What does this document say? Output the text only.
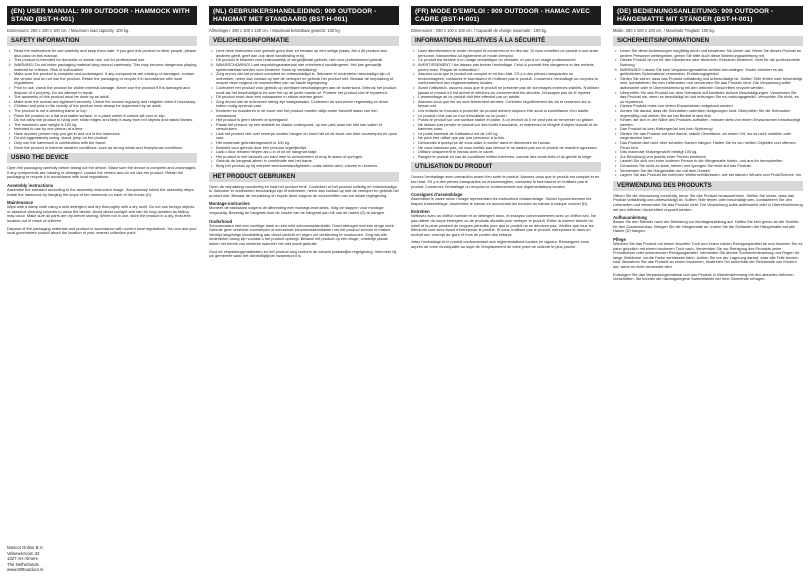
(EN) USER MANUAL: 909 OUTDOOR - HAMMOCK WITH STAND (BST-H-001)
Dimensions: 290 x 100 x 100 cm. / Maximum load capacity: 100 kg.
SAFETY INFORMATION
• Read the instructions for use carefully and keep them safe. If you give this product to other people, please also pass on this manual.
• This product is intended for domestic or similar use, not for professional use.
⚠ WARNING! Do not leave packaging material lying around carelessly. This may become dangerous playing material for children. Risk of suffocation!
• Make sure the product is complete and undamaged. If any components are missing or damaged, contact the vendor and do not use the product. Retain the packaging or recycle it in accordance with local regulations.
• Prior to use, check the product for visible external damage. Never use the product if it is damaged and dispose of it properly. Do not attempt to repair.
• The assembly of this product must be done by an adult.
• Make sure the screws are tightened securely. Check the screws regularly and retighten them if necessary.
• Children and pets in the vicinity of the product must always be supervised by an adult.
• The product is not a climbing frame or toy!
• Place the product on a flat and stable surface, in a place where it cannot fall over or slip.
• Do not allow the product to hang over sharp edges and keep it away from hot objects and naked flames.
• The maximum user weight is 100 kg.
• Intended to use by one person at a time.
• Have another person help you get in and out of the hammock.
• Do not aggressively swing, stand, jump on the product.
• Only use the hammock in combination with the frame.
• Store the product in extreme weather conditions, such as strong winds and frosty/snow conditions.
USING THE DEVICE

Open the packaging carefully before taking out the device. Make sure the device is complete and undamaged. If any components are missing or damaged, contact the vendor and do not use the product. Retain the packaging or recycle it in accordance with local regulations.

Assembly instructions

Assemble the standard according to the assembly instruction image. Scrupulously follow the assembly steps. Install the hammock by hanging the loops of the hammock on each of the hooks (D).

Maintenance

Wipe with a damp cloth using a mild detergent and dry thoroughly with a dry cloth. Do not use foreign objects or abrasive cleaning solvents to clean the device. Avoid direct sunlight and rain for long duration as fading may occur. Make sure all parts are dry before storing. When not in use, store the product in a dry, frost-free location out of reach of children.

Dispose of the packaging materials and product in accordance with current local regulations. You can ask your local government council about the location of your nearest collection point.

Mascot Online B.V.
Velsewezoom 32
1327 AH Almere
The Netherlands
www.909outdoor.nl
(NL) GEBRUIKERSHANDLEIDING: 909 OUTDOOR - HANGMAT MET STANDAARD (BST-H-001)
Afmetingen: 290 x 100 x 100 cm. / Maximaal belastbaar gewicht: 100 kg.
VEILIGHEIDSINFORMATIE
• Lees deze instructies vóór gebruik goed door en bewaar op een veilige plaats. Als u dit product aan anderen geeft, geef dan ook deze handleiding erbij.
• Dit product is bedoeld voor huishoudelijk of vergelijkbaar gebruik, niet voor professioneel gebruik.
⚠ WAARSCHUWING! Laat verpakkingsmateriaal niet onbeheerd rondslingeren. Het kan gevaarlijk speelmateriaal worden voor kinderen. Kans op verstikking!
• Zorg ervoor dat het product compleet en onbeschadigd is. Wanneer er onderdelen beschadigd zijn of ontbreken, neem dan contact op met de verkoper en gebruik het product niet. Bewaar de verpakking of recycle deze volgens de voorschriften van uw lokale regelgeving.
• Controleer het product vóór gebruik op zichtbare beschadigingen aan de buitenkant. Gebruik het product nooit als het beschadigd is en voer het op de juiste manier af. Probeer het product niet te repareren.
• Dit product moet door een volwassene in elkaar worden gezet.
• Zorg ervoor dat de schroeven stevig zijn vastgedraaid. Controleer de schroeven regelmatig en draai indien nodig opnieuw vast.
• Kinderen en huisdieren in de buurt van het product moeten altijd onder toezicht staan van een volwassene.
• Het product is geen klimrek of speelgoed!
• Plaats het product op een stabiele en vlakke ondergrond, op een plek waar het niet kan vallen of verschuiven.
• Laat het product niet over scherpe randen hangen en houd het uit de buurt van hete voorwerpen en open vuur.
• Het maximale gebruikersgewicht is 100 kg.
• Bedoeld voor gebruik door één persoon tegelijkertijd.
• Laat u door iemand helpen als u in of uit de hangmat stapt.
• Het product is niet bedoeld om hard mee te schommelen of erop te staan of springen.
• Gebruik de hangmat alleen in combinatie met het frame.
• Berg het product op bij extreme weersomstandigheden, zoals sterke wind, vriezen en sneeuw.
HET PRODUCT GEBRUIKEN

Open de verpakking voorzichtig en haal het product eruit. Controleer of het product volledig en onbeschadigd is. Wanneer er onderdelen beschadigd zijn of ontbreken, neem dan contact op met de verkoper en gebruik het product niet. Bewaar de verpakking of recycle deze volgens de voorschriften van uw lokale regelgeving.

Montage-instructies

Monteer de standaard volgens de afbeelding met montage-instructies. Volg de stappen voor montage zorgvuldig. Bevestig de hangmat door de lussen van de hangmat aan elk van de haken (D) te hangen.

Onderhoud

Schoonmaken met een vochtige doek en een mild schoonmaakmiddel. Goed afdrogen met een droge doek. Gebruik geen vreemde voorwerpen of schurende schoonmaakmiddelen om het product schoon te maken. Vermijd langdurige blootstelling aan direct zonlicht en regen om verkleuring te voorkomen. Zorg dat alle onderdelen droog zijn voordat u het product opbergt. Bewaar het product op een droge, vorstvrije plaats buiten het bereik van kinderen wanneer het niet wordt gebruikt.

Gooi de verpakkingsmaterialen en het product weg conform de actuele plaatselijke regelgeving. Informeer bij uw gemeente waar het dichtstbijzijnde inzamelpunt is.

(FR) MODE D'EMPLOI : 909 OUTDOOR - HAMAC AVEC CADRE (BST-H-001)
Dimensions : 290 x 100 x 100 cm. / Capacité de charge maximale : 100 kg.
INFORMATIONS RELATIVES À LA SÉCURITÉ
• Lisez attentivement le mode d'emploi et conservez-le en lieu sûr. Si vous remettez ce produit à une autre personne, transmettez-lui également ce mode d'emploi.
• Ce produit est destiné à un usage domestique ou similaire, et pas à un usage professionnel.
⚠ AVERTISSEMENT ! Ne laissez pas traîner l'emballage. Celui-ci pourrait être dangereux si des enfants jouent avec. Risque de suffocation !
• Assurez-vous que le produit est complet et en bon état. S'il y a des pièces manquantes ou endommagées, contactez le fournisseur et n'utilisez pas le produit. Conservez l'emballage ou recyclez-le conformément aux réglementations locales.
• Avant l'utilisation, assurez-vous que le produit ne présente pas de dommages externes visibles. N'utilisez jamais le produit s'il est abîmé et éliminez-en correctement les déchets. N'essayez pas de le réparer.
• L'assemblage de ce produit doit être effectué par un adulte.
• Assurez-vous que les vis sont fermement serrées. Contrôlez régulièrement les vis et resserrez-les si besoin est.
• Les enfants se trouvant à proximité du produit doivent toujours être sous la surveillance d'un adulte.
• Le produit n'est pas un mur d'escalade ou un jouet !
• Posez le produit sur une surface stable et plane, à un endroit où il ne peut pas se renverser ou glisser.
• Ne laissez pas pendre le produit sur des bords tranchants, et maintenez-le éloigné d'objets chauds et de flammes nues.
• Le poids maximal de l'utilisateur est de 100 kg.
• Ne peut être utilisé que par une personne à la fois.
• Demandez à quelqu'un de vous aider à monter dans et descendre du hamac.
• Ne vous balancez pas, ne vous mettez pas debout et ne sautez pas sur le produit de manière agressive.
• Utilisez uniquement le hamac avec le cadre.
• Rangez le produit en cas de conditions météo extrêmes, comme des vents forts et du gel/de la neige.
UTILISATION DU PRODUIT

Ouvrez l'emballage avec précaution avant d'en sortir le produit. Assurez-vous que le produit est complet et en bon état. S'il y a des pièces manquantes ou endommagées, contactez le fournisseur et n'utilisez pas le produit. Conservez l'emballage ou recyclez-le conformément aux réglementations locales.

Consignes d'assemblage

Assemblez le cadre selon l'image représentant les instructions d'assemblage. Suivez rigoureusement les étapes d'assemblage. Assemblez le hamac en accrochant les boucles du hamac à chaque crochet (D).

Entretien

Nettoyez avec un chiffon humide et un détergent doux, et essuyez convenablement avec un chiffon sec. Ne pas utiliser de corps étrangers ou de produits abrasifs pour nettoyer le produit. Éviter la lumière directe du soleil et la pluie pendant de longues périodes pour que le produit ne se décolore pas. Vérifiez que tous les éléments sont secs avant d'entreposer le produit. Si vous n'utilisez pas le produit, entreposez-le dans un endroit sec, exempt de givre et hors de portée des enfants.

Jetez l'emballage et le produit conformément aux réglementations locales en vigueur. Renseignez-vous auprès de votre municipalité au sujet de l'emplacement de votre point de collecte le plus proche.

(DE) BEDIENUNGSANLEITUNG: 909 OUTDOOR - HÄNGEMATTE MIT STÄNDER (BST-H-001)
Maße: 290 x 100 x 100 cm. / Maximale Traglast: 100 kg.
SICHERHEITSINFORMATIONEN
• Lesen Sie diese Anweisungen sorgfältig durch und bewahren Sie sicher auf. Wenn Sie dieses Produkt an andere Personen weitergeben, geben Sie bitte auch diese Bedienungsanleitung mit.
• Dieses Produkt ist nur für den häuslichen oder ähnlichen Gebrauch bestimmt, nicht für die professionelle Nutzung.
⚠ WARNUNG! Lassen Sie kein Verpackungsmaterial achtlos herumliegen. Kinder könnten es als gefährliches Spielmaterial verwenden. Erstickungsgefahr!
• Stellen Sie sicher, dass das Produkt vollständig und unbeschädigt ist. Sollten Teile fehlen oder beschädigt sein, kontaktieren Sie den Lieferanten und verwenden Sie das Produkt nicht. Die Verpackung sollte aufbewahrt oder in Übereinstimmung mit den örtlichen Vorschriften recycelt werden.
• Überprüfen Sie das Produkt vor dem Gebrauch auf sichtbare äußere Beschädigungen. Verwenden Sie das Produkt nie, wenn es beschädigt ist und entsorgen Sie es ordnungsgemäß. Versuchen Sie nicht, es zu reparieren.
• Dieses Produkt muss von einem Erwachsenen aufgebaut werden.
• Achten Sie darauf, dass die Schrauben ordentlich festgezogen sind. Überprüfen Sie die Schrauben regelmäßig und ziehen Sie sie bei Bedarf erneut fest.
• Kinder, die sich in der Nähe des Produkts aufhalten, müssen stets von einem Erwachsenen beaufsichtigt werden.
• Das Produkt ist kein Klettergerüst und kein Spielzeug!
• Stellen Sie das Produkt auf eine flache, stabile Oberfläche, an einem Ort, wo es nicht umfallen oder wegrutschen kann.
• Das Produkt darf nicht über scharfen Kanten hängen. Halten Sie es von heißen Objekten und offenem Feuer fern.
• Das maximale Nutzergewicht beträgt 100 kg.
• Zur Benutzung von jeweils einer Person bestimmt.
• Lassen Sie sich von einer anderen Person in die Hängematte hinein- und aus ihr heraushelfen.
• Schaukeln Sie nicht zu stark, stehen und springen Sie nicht auf das Produkt.
• Verwenden Sie die Hängematte nur mit dem Gestell.
• Lagern Sie das Produkt bei extremen Wetterverhältnissen, wie bei starken Winden und Frost/Schnee, ein.
VERWENDUNG DES PRODUKTS

Öffnen Sie die Verpackung vorsichtig, bevor Sie das Produkt herausnehmen. Stellen Sie sicher, dass das Produkt vollständig und unbeschädigt ist. Sollten Teile fehlen oder beschädigt sein, kontaktieren Sie den Lieferanten und verwenden Sie das Produkt nicht. Die Verpackung sollte aufbewahrt oder in Übereinstimmung mit den örtlichen Vorschriften recycelt werden.

Aufbauanleitung

Bauen Sie den Ständer nach der Abbildung zur Montageanleitung auf. Halten Sie sich genau an die Schritte für den Zusammenbau. Bringen Sie die Hängematte an, indem Sie die Schlaufen der Hängematte auf alle Haken (D) hängen.

Pflege

Wischen Sie das Produkt mit einem feuchten Tuch und einem milden Reinigungsmittel ab und trocknen Sie es dann gründlich mit einem trockenen Tuch nach. Verwenden Sie zur Reinigung des Produkts keine Fremdkörper oder scheuernden Reinigungsmittel. Vermeiden Sie direkte Sonneneinstrahlung und Regen für lange Zeiträume, da die Farbe verblassen kann. Achten Sie vor der Lagerung darauf, dass alle Teile trocken sind. Bewahren Sie das Produkt an einem trockenen, frostfreien Ort außerhalb der Reichweite von Kindern auf, wenn es nicht verwendet wird.

Entsorgen Sie das Verpackungsmaterial und das Produkt in Übereinstimmung mit den aktuellen örtlichen Vorschriften. Sie können die nächstgelegene Sammelstelle bei Ihrer Gemeinde erfragen.
